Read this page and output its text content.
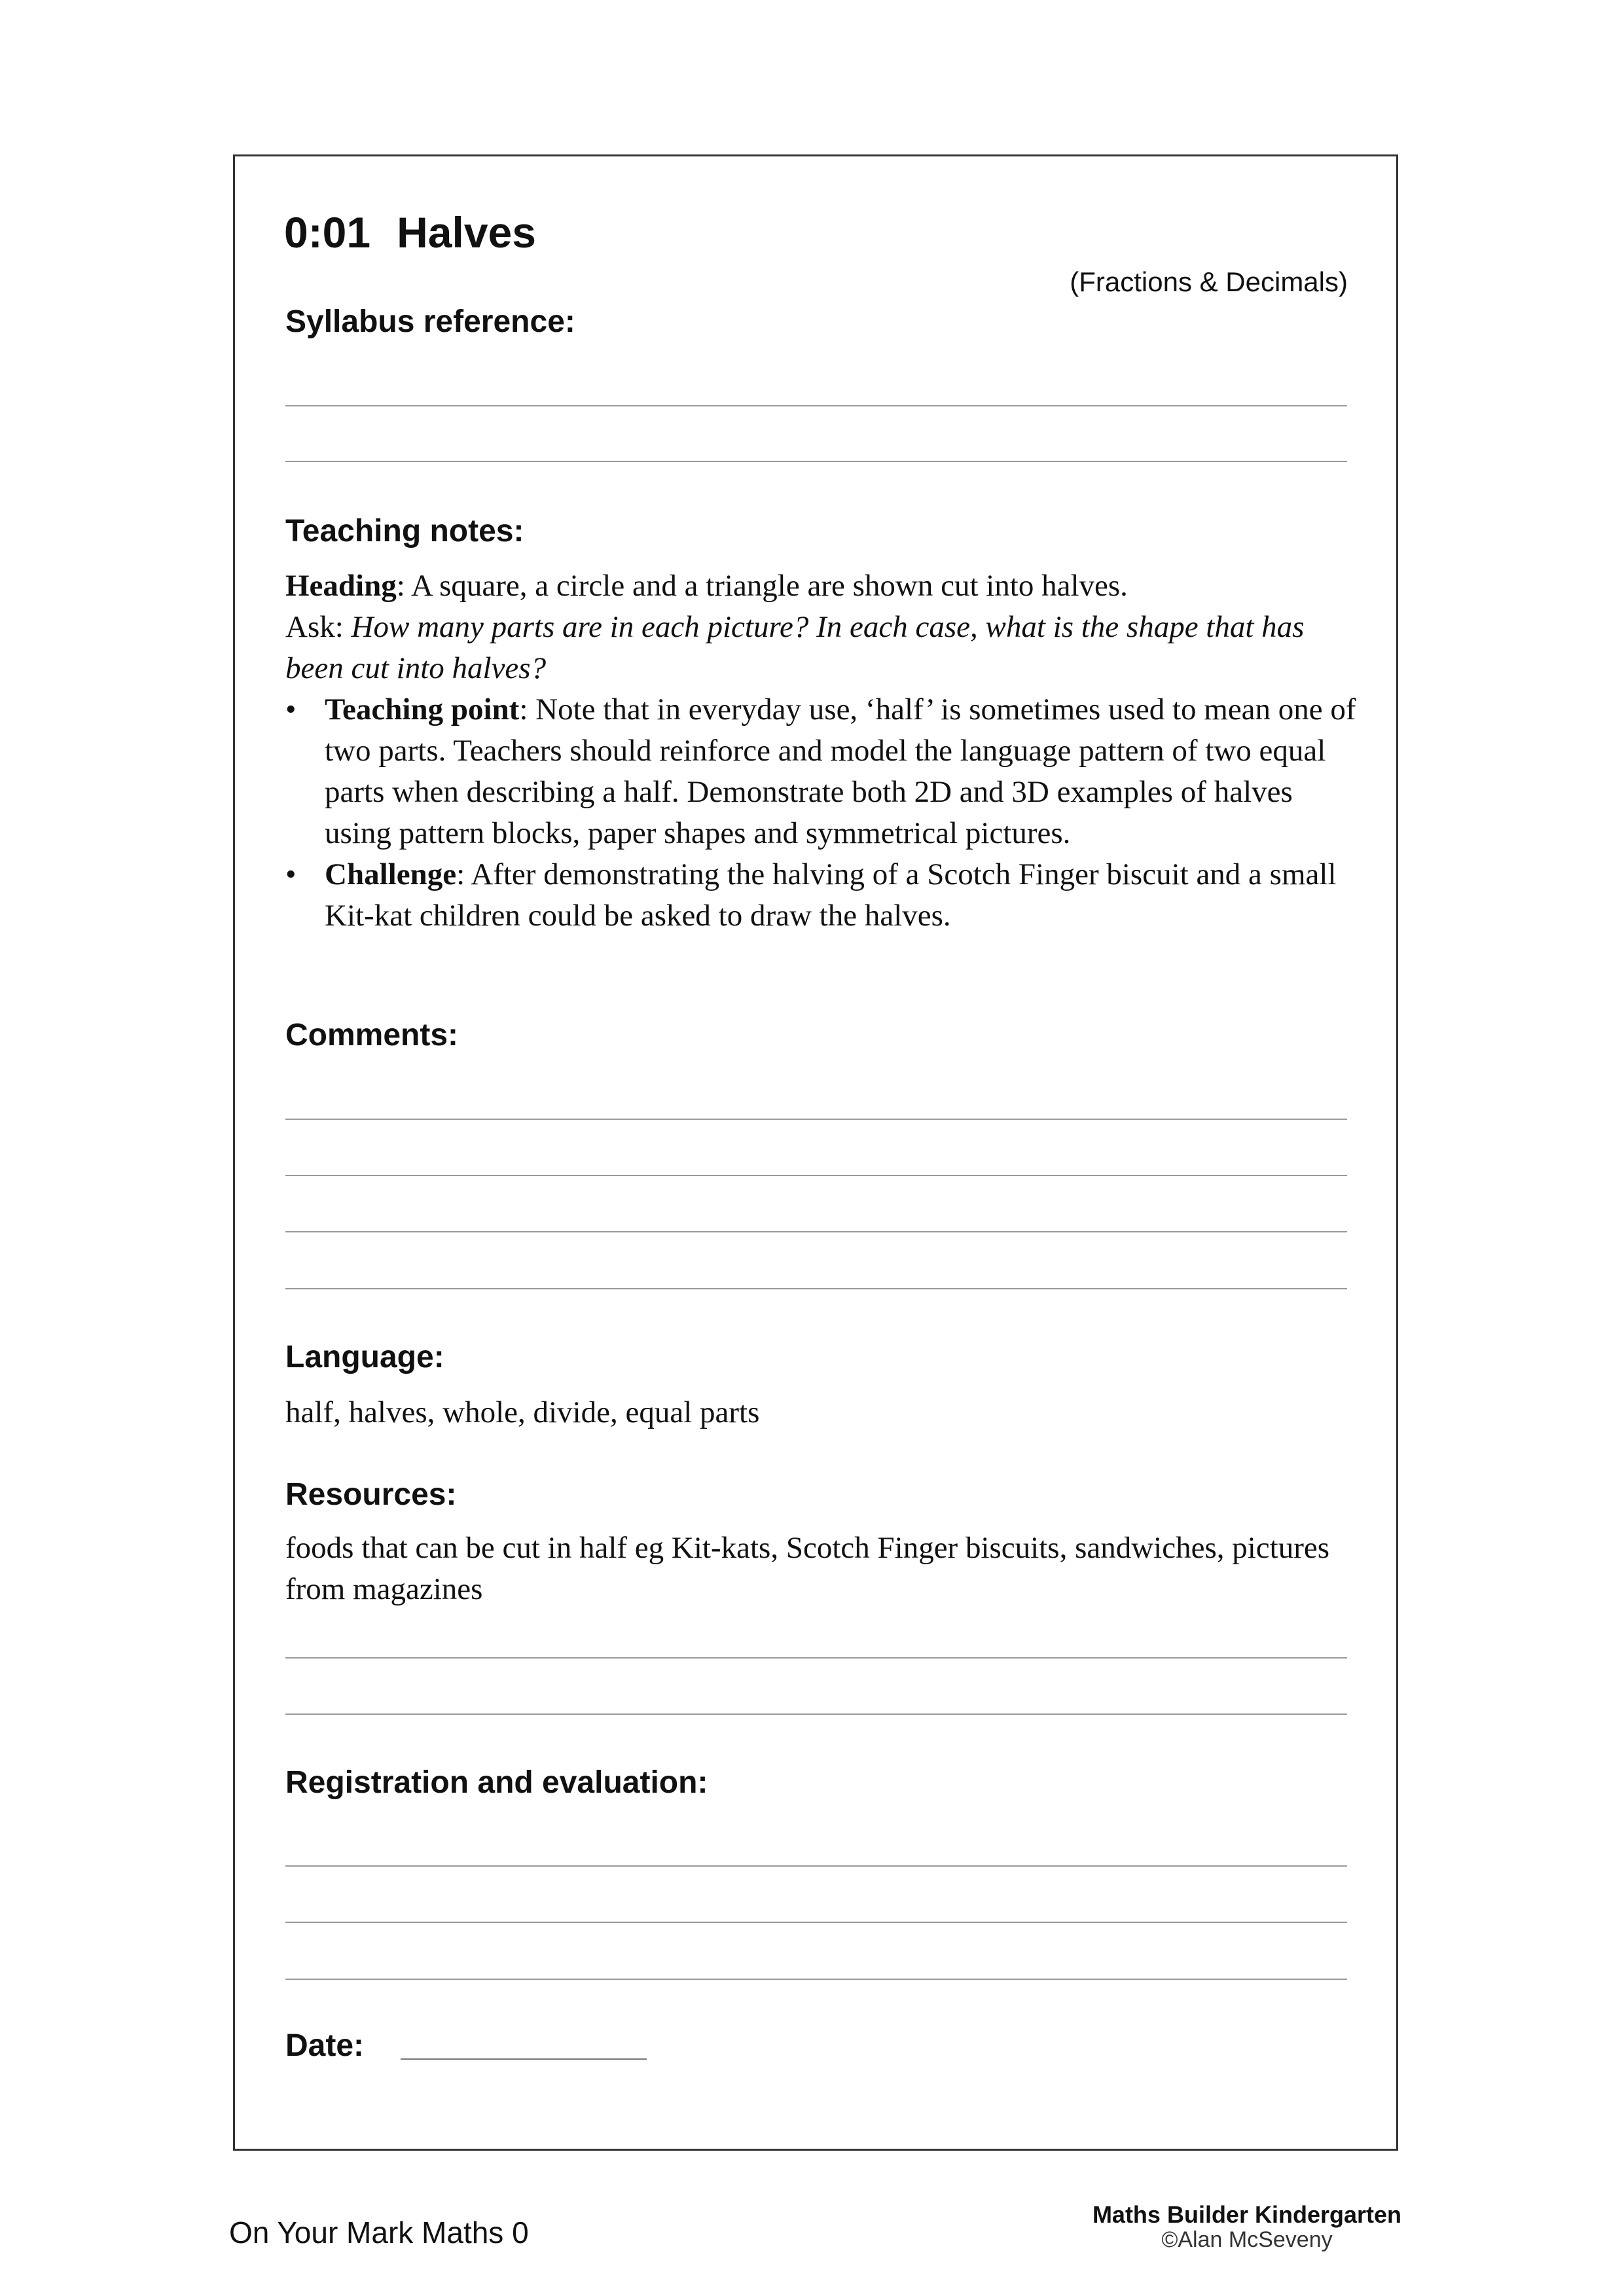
0:01 Halves
(Fractions & Decimals)
Syllabus reference:
Teaching notes:

Heading: A square, a circle and a triangle are shown cut into halves.

Ask: How many parts are in each picture? In each case, what is the shape that has been cut into halves?

• Teaching point: Note that in everyday use, ‘half’ is sometimes used to mean one of two parts. Teachers should reinforce and model the language pattern of two equal parts when describing a half. Demonstrate both 2D and 3D examples of halves using pattern blocks, paper shapes and symmetrical pictures.
• Challenge: After demonstrating the halving of a Scotch Finger biscuit and a small Kit-kat children could be asked to draw the halves.
Comments:
Language:
half, halves, whole, divide, equal parts
Resources:
foods that can be cut in half eg Kit-kats, Scotch Finger biscuits, sandwiches, pictures from magazines
Registration and evaluation:
Date:
On Your Mark Maths 0
Maths Builder Kindergarten
©Alan McSeveny
